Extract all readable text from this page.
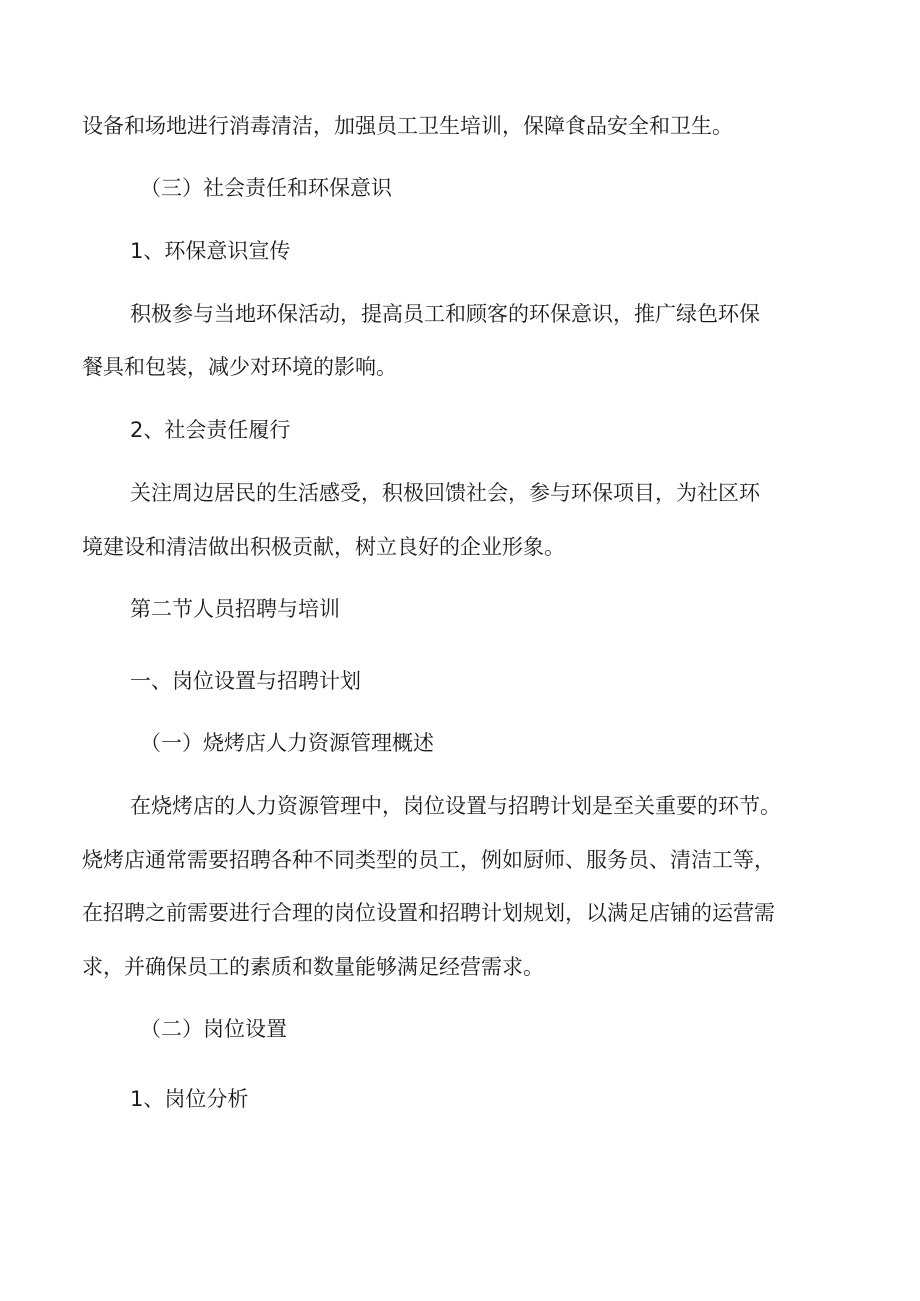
设备和场地进行消毒清洁，加强员工卫生培训，保障食品安全和卫生。

（三）社会责任和环保意识

1、环保意识宣传

积极参与当地环保活动，提高员工和顾客的环保意识，推广绿色环保

餐具和包装，减少对环境的影响。

2、社会责任履行

关注周边居民的生活感受，积极回馈社会，参与环保项目，为社区环

境建设和清洁做出积极贡献，树立良好的企业形象。

第二节人员招聘与培训

一、岗位设置与招聘计划

（一）烧烤店人力资源管理概述

在烧烤店的人力资源管理中，岗位设置与招聘计划是至关重要的环节。

烧烤店通常需要招聘各种不同类型的员工，例如厨师、服务员、清洁工等，

在招聘之前需要进行合理的岗位设置和招聘计划规划，以满足店铺的运营需

求，并确保员工的素质和数量能够满足经营需求。

（二）岗位设置

1、岗位分析
